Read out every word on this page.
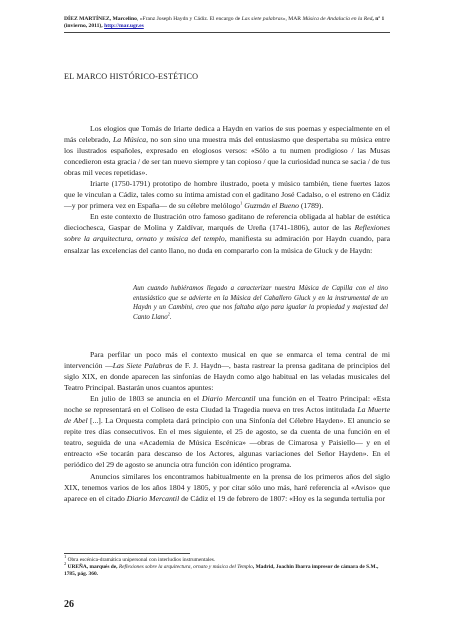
DÍEZ MARTÍNEZ, Marcelino, «Franz Joseph Haydn y Cádiz. El encargo de Las siete palabras», MAR Música de Andalucía en la Red, nº 1 (invierno, 2011), http://mar.ugr.es
EL MARCO HISTÓRICO-ESTÉTICO

Los elogios que Tomás de Iriarte dedica a Haydn en varios de sus poemas y especialmente en el más celebrado, La Música, no son sino una muestra más del entusiasmo que despertaba su música entre los ilustrados españoles, expresado en elogiosos versos: «Sólo a tu numen prodigioso / las Musas concedieron esta gracia / de ser tan nuevo siempre y tan copioso / que la curiosidad nunca se sacia / de tus obras mil veces repetidas».

Iriarte (1750-1791) prototipo de hombre ilustrado, poeta y músico también, tiene fuertes lazos que le vinculan a Cádiz, tales como su íntima amistad con el gaditano José Cadalso, o el estreno en Cádiz —y por primera vez en España— de su célebre melólogo$^1$ Guzmán el Bueno (1789).

En este contexto de Ilustración otro famoso gaditano de referencia obligada al hablar de estética dieciochesca, Gaspar de Molina y Zaldívar, marqués de Ureña (1741-1806), autor de las Reflexiones sobre la arquitectura, ornato y música del templo, manifiesta su admiración por Haydn cuando, para ensalzar las excelencias del canto llano, no duda en compararlo con la música de Gluck y de Haydn:

Aun cuando hubiéramos llegado a caracterizar nuestra Música de Capilla con el tino entusiástico que se advierte en la Música del Caballero Gluck y en la instrumental de un Haydn y un Cambini, creo que nos faltaba algo para igualar la propiedad y majestad del Canto Llano$^2$.

Para perfilar un poco más el contexto musical en que se enmarca el tema central de mi intervención —Las Siete Palabras de F. J. Haydn—, basta rastrear la prensa gaditana de principios del siglo XIX, en donde aparecen las sinfonías de Haydn como algo habitual en las veladas musicales del Teatro Principal. Bastarán unos cuantos apuntes:

En julio de 1803 se anuncia en el Diario Mercantil una función en el Teatro Principal: «Esta noche se representará en el Coliseo de esta Ciudad la Tragedia nueva en tres Actos intitulada La Muerte de Abel [...]. La Orquesta completa dará principio con una Sinfonía del Célebre Hayden». El anuncio se repite tres días consecutivos. En el mes siguiente, el 25 de agosto, se da cuenta de una función en el teatro, seguida de una «Academia de Música Escénica» —obras de Cimarosa y Paisiello— y en el entreacto «Se tocarán para descanso de los Actores, algunas variaciones del Señor Hayden». En el periódico del 29 de agosto se anuncia otra función con idéntico programa.

Anuncios similares los encontramos habitualmente en la prensa de los primeros años del siglo XIX, tenemos varios de los años 1804 y 1805, y por citar sólo uno más, haré referencia al «Aviso» que aparece en el citado Diario Mercantil de Cádiz el 19 de febrero de 1807: «Hoy es la segunda tertulia por

$^1$ Obra escénica-dramática unipersonal con interludios instrumentales.
$^2$ UREÑA, marqués de, Reflexiones sobre la arquitectura, ornato y música del Templo, Madrid, Joachin Ibarra impresor de cámara de S.M., 1785, pág. 360.
26
